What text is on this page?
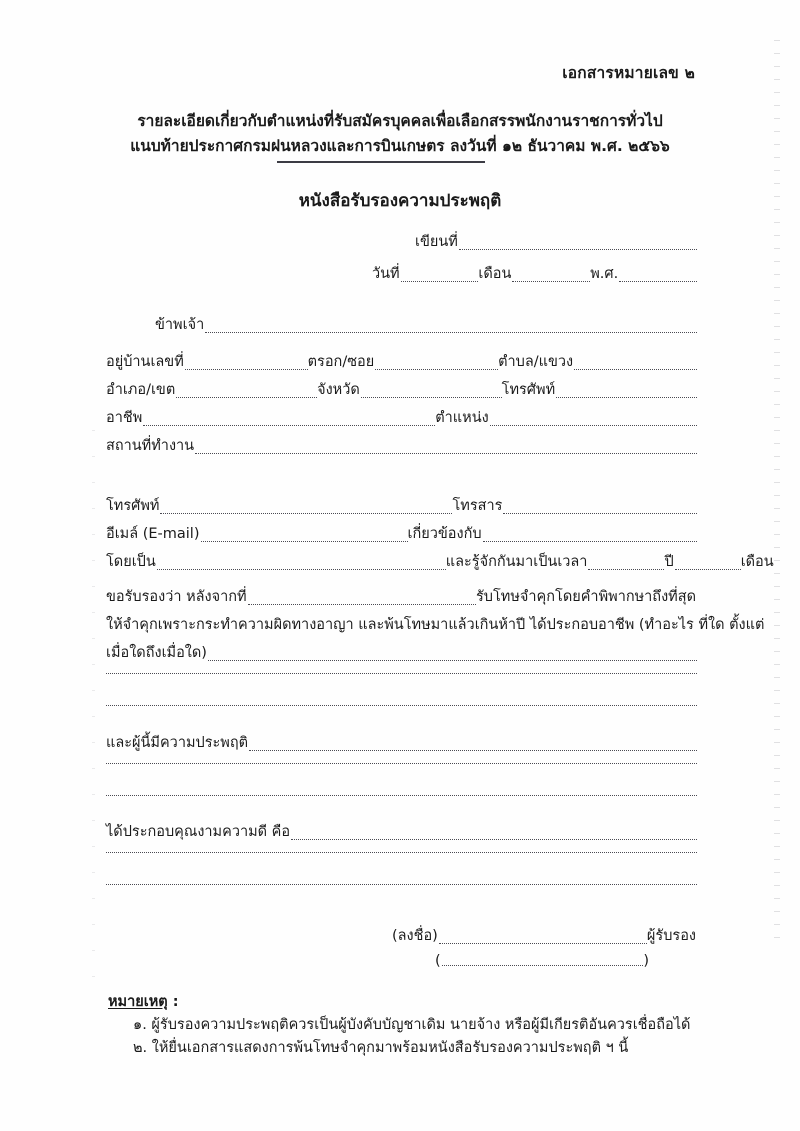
เอกสารหมายเลข ๒
รายละเอียดเกี่ยวกับตำแหน่งที่รับสมัครบุคคลเพื่อเลือกสรรพนักงานราชการทั่วไป
แนบท้ายประกาศกรมฝนหลวงและการบินเกษตร ลงวันที่ ๑๒ ธันวาคม พ.ศ. ๒๕๖๖
หนังสือรับรองความประพฤติ
เขียนที่
วันที่	เดือน	พ.ศ.
ข้าพเจ้า
อยู่บ้านเลขที่	ตรอก/ซอย	ตำบล/แขวง
อำเภอ/เขต	จังหวัด	โทรศัพท์
อาชีพ	ตำแหน่ง
สถานที่ทำงาน
โทรศัพท์	โทรสาร
อีเมล์ (E-mail)	เกี่ยวข้องกับ
โดยเป็น	และรู้จักกันมาเป็นเวลา	ปี	เดือน
ขอรับรองว่า หลังจากที่	รับโทษจำคุกโดยคำพิพากษาถึงที่สุด
ให้จำคุกเพราะกระทำความผิดทางอาญา และพ้นโทษมาแล้วเกินห้าปี ได้ประกอบอาชีพ (ทำอะไร ที่ใด ตั้งแต่
เมื่อใดถึงเมื่อใด)
และผู้นี้มีความประพฤติ
ได้ประกอบคุณงามความดี คือ
(ลงชื่อ)	ผู้รับรอง
(	)
หมายเหตุ :
๑. ผู้รับรองความประพฤติควรเป็นผู้บังคับบัญชาเดิม นายจ้าง หรือผู้มีเกียรติอันควรเชื่อถือได้
๒. ให้ยื่นเอกสารแสดงการพ้นโทษจำคุกมาพร้อมหนังสือรับรองความประพฤติ ฯ นี้
